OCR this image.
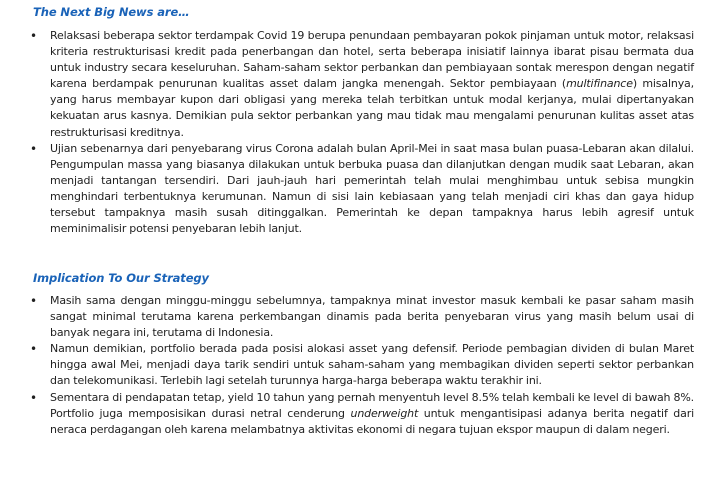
The Next Big News are…
• Relaksasi beberapa sektor terdampak Covid 19 berupa penundaan pembayaran pokok pinjaman untuk motor, relaksasi kriteria restrukturisasi kredit pada penerbangan dan hotel, serta beberapa inisiatif lainnya ibarat pisau bermata dua untuk industry secara keseluruhan. Saham-saham sektor perbankan dan pembiayaan sontak merespon dengan negatif karena berdampak penurunan kualitas asset dalam jangka menengah. Sektor pembiayaan (multifinance) misalnya, yang harus membayar kupon dari obligasi yang mereka telah terbitkan untuk modal kerjanya, mulai dipertanyakan kekuatan arus kasnya. Demikian pula sektor perbankan yang mau tidak mau mengalami penurunan kulitas asset atas restrukturisasi kreditnya.
• Ujian sebenarnya dari penyebarang virus Corona adalah bulan April-Mei in saat masa bulan puasa-Lebaran akan dilalui. Pengumpulan massa yang biasanya dilakukan untuk berbuka puasa dan dilanjutkan dengan mudik saat Lebaran, akan menjadi tantangan tersendiri. Dari jauh-jauh hari pemerintah telah mulai menghimbau untuk sebisa mungkin menghindari terbentuknya kerumunan. Namun di sisi lain kebiasaan yang telah menjadi ciri khas dan gaya hidup tersebut tampaknya masih susah ditinggalkan. Pemerintah ke depan tampaknya harus lebih agresif untuk meminimalisir potensi penyebaran lebih lanjut.
Implication To Our Strategy
• Masih sama dengan minggu-minggu sebelumnya, tampaknya minat investor masuk kembali ke pasar saham masih sangat minimal terutama karena perkembangan dinamis pada berita penyebaran virus yang masih belum usai di banyak negara ini, terutama di Indonesia.
• Namun demikian, portfolio berada pada posisi alokasi asset yang defensif. Periode pembagian dividen di bulan Maret hingga awal Mei, menjadi daya tarik sendiri untuk saham-saham yang membagikan dividen seperti sektor perbankan dan telekomunikasi. Terlebih lagi setelah turunnya harga-harga beberapa waktu terakhir ini.
• Sementara di pendapatan tetap, yield 10 tahun yang pernah menyentuh level 8.5% telah kembali ke level di bawah 8%. Portfolio juga memposisikan durasi netral cenderung underweight untuk mengantisipasi adanya berita negatif dari neraca perdagangan oleh karena melambatnya aktivitas ekonomi di negara tujuan ekspor maupun di dalam negeri.
